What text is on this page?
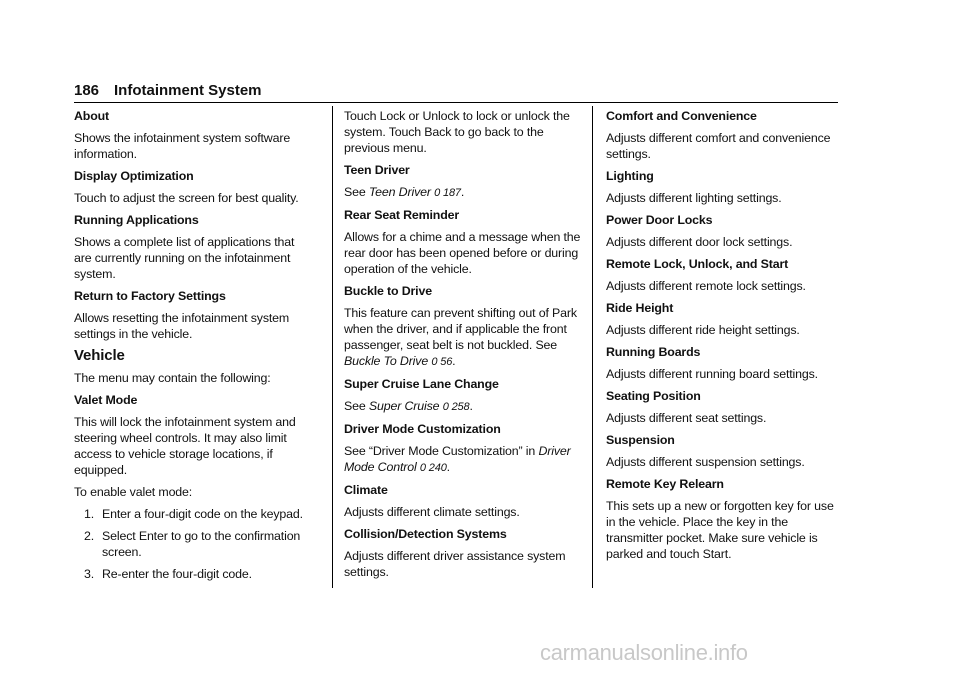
186 Infotainment System
About

Shows the infotainment system software information.

Display Optimization

Touch to adjust the screen for best quality.

Running Applications

Shows a complete list of applications that are currently running on the infotainment system.

Return to Factory Settings

Allows resetting the infotainment system settings in the vehicle.

Vehicle

The menu may contain the following:

Valet Mode

This will lock the infotainment system and steering wheel controls. It may also limit access to vehicle storage locations, if equipped.

To enable valet mode:

1. Enter a four-digit code on the keypad.
2. Select Enter to go to the confirmation screen.
3. Re-enter the four-digit code.

Touch Lock or Unlock to lock or unlock the system. Touch Back to go back to the previous menu.

Teen Driver

See Teen Driver 0 187.

Rear Seat Reminder

Allows for a chime and a message when the rear door has been opened before or during operation of the vehicle.

Buckle to Drive

This feature can prevent shifting out of Park when the driver, and if applicable the front passenger, seat belt is not buckled. See Buckle To Drive 0 56.

Super Cruise Lane Change

See Super Cruise 0 258.

Driver Mode Customization

See “Driver Mode Customization” in Driver Mode Control 0 240.

Climate

Adjusts different climate settings.

Collision/Detection Systems

Adjusts different driver assistance system settings.

Comfort and Convenience

Adjusts different comfort and convenience settings.

Lighting

Adjusts different lighting settings.

Power Door Locks

Adjusts different door lock settings.

Remote Lock, Unlock, and Start

Adjusts different remote lock settings.

Ride Height

Adjusts different ride height settings.

Running Boards

Adjusts different running board settings.

Seating Position

Adjusts different seat settings.

Suspension

Adjusts different suspension settings.

Remote Key Relearn

This sets up a new or forgotten key for use in the vehicle. Place the key in the transmitter pocket. Make sure vehicle is parked and touch Start.

carmanualsonline.info
